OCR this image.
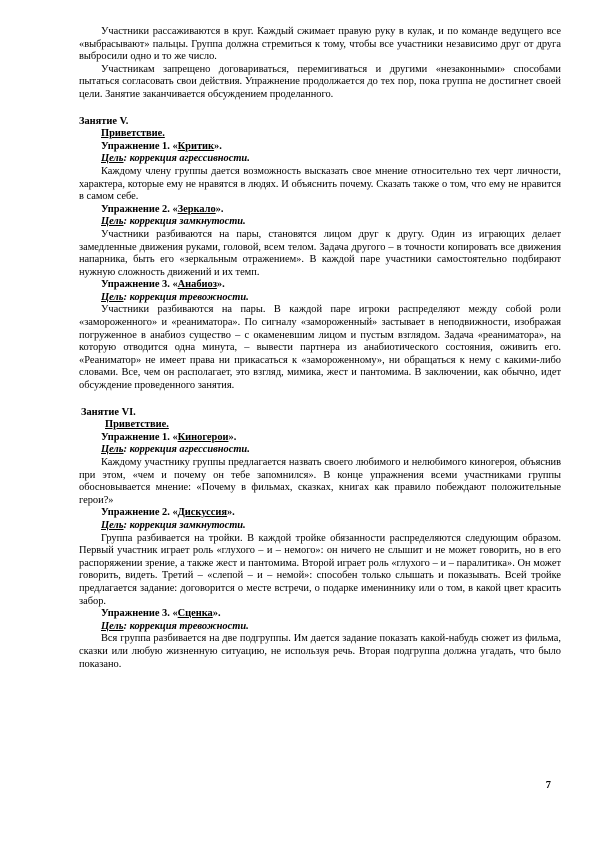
Участники рассаживаются в круг. Каждый сжимает правую руку в кулак, и по команде ведущего все «выбрасывают» пальцы. Группа должна стремиться к тому, чтобы все участники независимо друг от друга выбросили одно и то же число.

Участникам запрещено договариваться, перемигиваться и другими «незаконными» способами пытаться согласовать свои действия. Упражнение продолжается до тех пор, пока группа не достигнет своей цели. Занятие заканчивается обсуждением проделанного.

Занятие V.

Приветствие.

Упражнение 1. «Критик».

Цель: коррекция агрессивности.

Каждому члену группы дается возможность высказать свое мнение относительно тех черт личности, характера, которые ему не нравятся в людях. И объяснить почему. Сказать также о том, что ему не нравится в самом себе.

Упражнение 2. «Зеркало».

Цель: коррекция замкнутости.

Участники разбиваются на пары, становятся лицом друг к другу. Один из играющих делает замедленные движения руками, головой, всем телом. Задача другого – в точности копировать все движения напарника, быть его «зеркальным отражением». В каждой паре участники самостоятельно подбирают нужную сложность движений и их темп.

Упражнение 3. «Анабиоз».

Цель: коррекция тревожности.

Участники разбиваются на пары. В каждой паре игроки распределяют между собой роли «замороженного» и «реаниматора». По сигналу «замороженный» застывает в неподвижности, изображая погруженное в анабиоз существо – с окаменевшим лицом и пустым взглядом. Задача «реаниматора», на которую отводится одна минута, – вывести партнера из анабиотического состояния, оживить его. «Реаниматор» не имеет права ни прикасаться к «замороженному», ни обращаться к нему с какими-либо словами. Все, чем он располагает, это взгляд, мимика, жест и пантомима. В заключении, как обычно, идет обсуждение проведенного занятия.

Занятие VI.

Приветствие.

Упражнение 1. «Киногерои».

Цель: коррекция агрессивности.

Каждому участнику группы предлагается назвать своего любимого и нелюбимого киногероя, объяснив при этом, «чем и почему он тебе запомнился». В конце упражнения всеми участниками группы обосновывается мнение: «Почему в фильмах, сказках, книгах как правило побеждают положительные герои?»

Упражнение 2. «Дискуссия».

Цель: коррекция замкнутости.

Группа разбивается на тройки. В каждой тройке обязанности распределяются следующим образом. Первый участник играет роль «глухого – и – немого»: он ничего не слышит и не может говорить, но в его распоряжении зрение, а также жест и пантомима. Второй играет роль «глухого – и – паралитика». Он может говорить, видеть. Третий – «слепой – и – немой»: способен только слышать и показывать. Всей тройке предлагается задание: договорится о месте встречи, о подарке имениннику или о том, в какой цвет красить забор.

Упражнение 3. «Сценка».

Цель: коррекция тревожности.

Вся группа разбивается на две подгруппы. Им дается задание показать какой-набудь сюжет из фильма, сказки или любую жизненную ситуацию, не используя речь. Вторая подгруппа должна угадать, что было показано.

7
